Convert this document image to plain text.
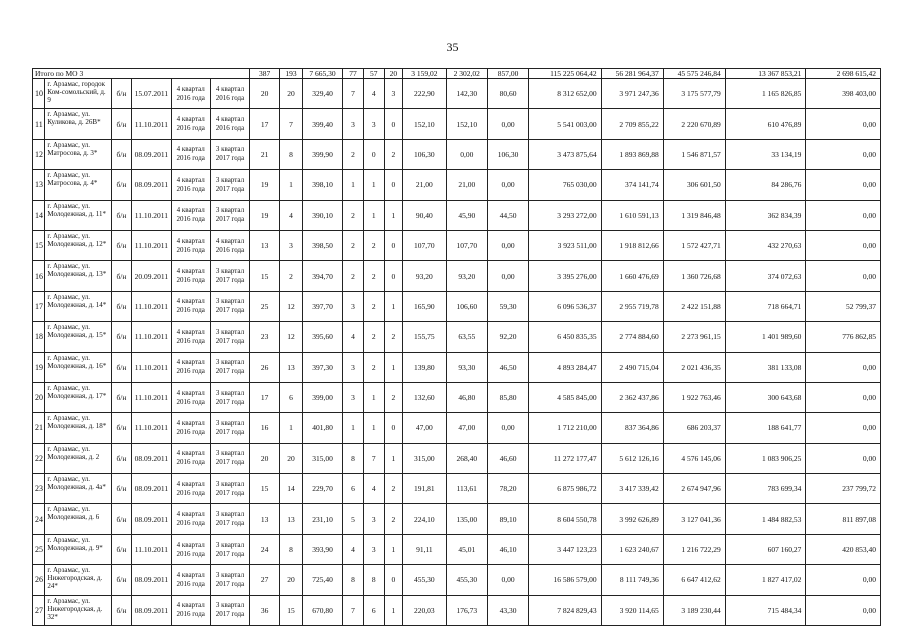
35
Итого по МО 3						387	193	7 665,30	77	57	20	3 159,02	2 302,02	857,00	115 225 064,42	56 281 964,37	45 575 246,84	13 367 853,21	2 698 615,42
10	г. Арзамас, городок Ком-сомольский, д. 9	б/н	15.07.2011	4 квартал 2016 года	4 квартал 2016 года	20	20	329,40	7	4	3	222,90	142,30	80,60	8 312 652,00	3 971 247,36	3 175 577,79	1 165 826,85	398 403,00
11	г. Арзамас, ул. Куликова, д. 26В*	б/н	11.10.2011	4 квартал 2016 года	4 квартал 2016 года	17	7	399,40	3	3	0	152,10	152,10	0,00	5 541 003,00	2 709 855,22	2 220 670,89	610 476,89	0,00
12	г. Арзамас, ул. Матросова, д. 3*	б/н	08.09.2011	4 квартал 2016 года	3 квартал 2017 года	21	8	399,90	2	0	2	106,30	0,00	106,30	3 473 875,64	1 893 869,88	1 546 871,57	33 134,19	0,00
13	г. Арзамас, ул. Матросова, д. 4*	б/н	08.09.2011	4 квартал 2016 года	3 квартал 2017 года	19	1	398,10	1	1	0	21,00	21,00	0,00	765 030,00	374 141,74	306 601,50	84 286,76	0,00
14	г. Арзамас, ул. Молодежная, д. 11*	б/н	11.10.2011	4 квартал 2016 года	3 квартал 2017 года	19	4	390,10	2	1	1	90,40	45,90	44,50	3 293 272,00	1 610 591,13	1 319 846,48	362 834,39	0,00
15	г. Арзамас, ул. Молодежная, д. 12*	б/н	11.10.2011	4 квартал 2016 года	4 квартал 2016 года	13	3	398,50	2	2	0	107,70	107,70	0,00	3 923 511,00	1 918 812,66	1 572 427,71	432 270,63	0,00
16	г. Арзамас, ул. Молодежная, д. 13*	б/н	20.09.2011	4 квартал 2016 года	3 квартал 2017 года	15	2	394,70	2	2	0	93,20	93,20	0,00	3 395 276,00	1 660 476,69	1 360 726,68	374 072,63	0,00
17	г. Арзамас, ул. Молодежная, д. 14*	б/н	11.10.2011	4 квартал 2016 года	3 квартал 2017 года	25	12	397,70	3	2	1	165,90	106,60	59,30	6 096 536,37	2 955 719,78	2 422 151,88	718 664,71	52 799,37
18	г. Арзамас, ул. Молодежная, д. 15*	б/н	11.10.2011	4 квартал 2016 года	3 квартал 2017 года	23	12	395,60	4	2	2	155,75	63,55	92,20	6 450 835,35	2 774 884,60	2 273 961,15	1 401 989,60	776 862,85
19	г. Арзамас, ул. Молодежная, д. 16*	б/н	11.10.2011	4 квартал 2016 года	3 квартал 2017 года	26	13	397,30	3	2	1	139,80	93,30	46,50	4 893 284,47	2 490 715,04	2 021 436,35	381 133,08	0,00
20	г. Арзамас, ул. Молодежная, д. 17*	б/н	11.10.2011	4 квартал 2016 года	3 квартал 2017 года	17	6	399,00	3	1	2	132,60	46,80	85,80	4 585 845,00	2 362 437,86	1 922 763,46	300 643,68	0,00
21	г. Арзамас, ул. Молодежная, д. 18*	б/н	11.10.2011	4 квартал 2016 года	3 квартал 2017 года	16	1	401,80	1	1	0	47,00	47,00	0,00	1 712 210,00	837 364,86	686 203,37	188 641,77	0,00
22	г. Арзамас, ул. Молодежная, д. 2	б/н	08.09.2011	4 квартал 2016 года	3 квартал 2017 года	20	20	315,00	8	7	1	315,00	268,40	46,60	11 272 177,47	5 612 126,16	4 576 145,06	1 083 906,25	0,00
23	г. Арзамас, ул. Молодежная, д. 4а*	б/н	08.09.2011	4 квартал 2016 года	3 квартал 2017 года	15	14	229,70	6	4	2	191,81	113,61	78,20	6 875 986,72	3 417 339,42	2 674 947,96	783 699,34	237 799,72
24	г. Арзамас, ул. Молодежная, д. 6	б/н	08.09.2011	4 квартал 2016 года	3 квартал 2017 года	13	13	231,10	5	3	2	224,10	135,00	89,10	8 604 550,78	3 992 626,89	3 127 041,36	1 484 882,53	811 897,08
25	г. Арзамас, ул. Молодежная, д. 9*	б/н	11.10.2011	4 квартал 2016 года	3 квартал 2017 года	24	8	393,90	4	3	1	91,11	45,01	46,10	3 447 123,23	1 623 240,67	1 216 722,29	607 160,27	420 853,40
26	г. Арзамас, ул. Нижегородская, д. 24*	б/н	08.09.2011	4 квартал 2016 года	3 квартал 2017 года	27	20	725,40	8	8	0	455,30	455,30	0,00	16 586 579,00	8 111 749,36	6 647 412,62	1 827 417,02	0,00
27	г. Арзамас, ул. Нижегородская, д. 32*	б/н	08.09.2011	4 квартал 2016 года	3 квартал 2017 года	36	15	670,80	7	6	1	220,03	176,73	43,30	7 824 829,43	3 920 114,65	3 189 230,44	715 484,34	0,00
